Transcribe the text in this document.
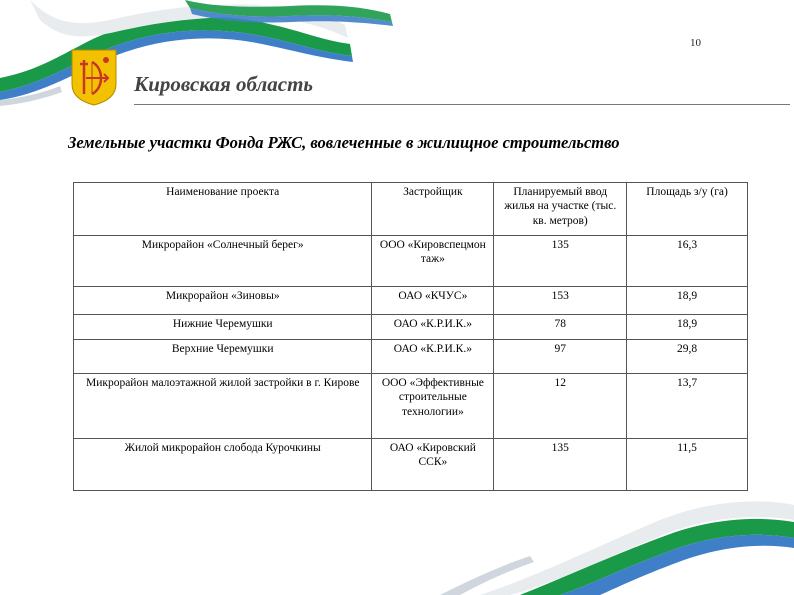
10
Кировская область
Земельные участки Фонда РЖС, вовлеченные в жилищное строительство
Наименование проекта	Застройщик	Планируемый ввод жилья на участке (тыс. кв. метров)	Площадь з/у (га)
Микрорайон «Солнечный берег»	ООО «Кировспецмон таж»	135	16,3
Микрорайон «Зиновы»	ОАО «КЧУС»	153	18,9
Нижние Черемушки	ОАО «К.Р.И.К.»	78	18,9
Верхние Черемушки	ОАО «К.Р.И.К.»	97	29,8
Микрорайон малоэтажной жилой застройки в г. Кирове	ООО «Эффективные строительные технологии»	12	13,7
Жилой микрорайон слобода Курочкины	ОАО «Кировский ССК»	135	11,5
